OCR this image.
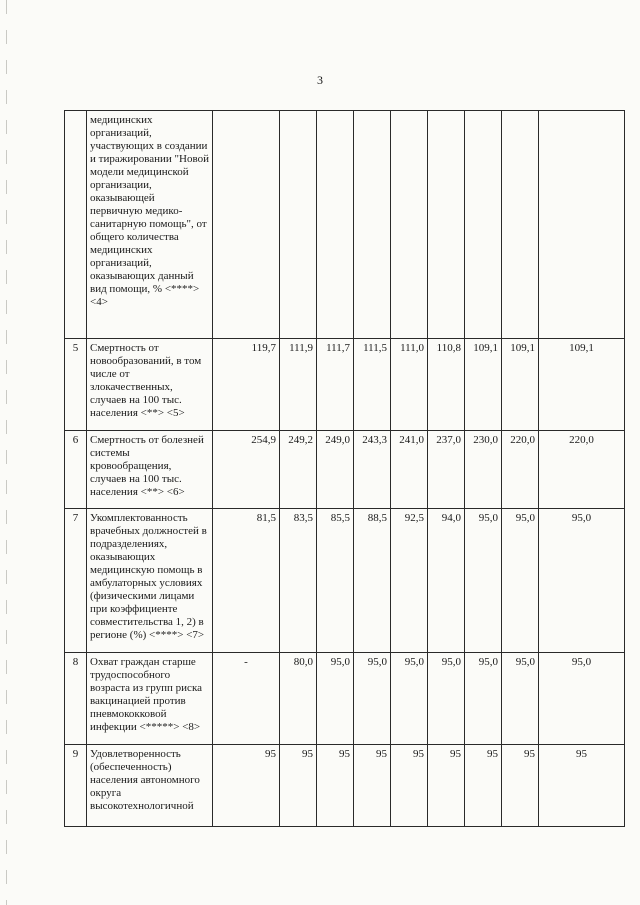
3
	медицинских организаций, участвующих в создании и тиражировании "Новой модели медицинской организации, оказывающей первичную медико-санитарную помощь", от общего количества медицинских организаций, оказывающих данный вид помощи, % <****> <4>									
5	Смертность от новообразований, в том числе от злокачественных, случаев на 100 тыс. населения <**> <5>	119,7	111,9	111,7	111,5	111,0	110,8	109,1	109,1	109,1
6	Смертность от болезней системы кровообращения, случаев на 100 тыс. населения <**> <6>	254,9	249,2	249,0	243,3	241,0	237,0	230,0	220,0	220,0
7	Укомплектованность врачебных должностей в подразделениях, оказывающих медицинскую помощь в амбулаторных условиях (физическими лицами при коэффициенте совместительства 1, 2) в регионе (%) <****> <7>	81,5	83,5	85,5	88,5	92,5	94,0	95,0	95,0	95,0
8	Охват граждан старше трудоспособного возраста из групп риска вакцинацией против пневмококковой инфекции <*****> <8>	-	80,0	95,0	95,0	95,0	95,0	95,0	95,0	95,0
9	Удовлетворенность (обеспеченность) населения автономного округа высокотехнологичной	95	95	95	95	95	95	95	95	95
